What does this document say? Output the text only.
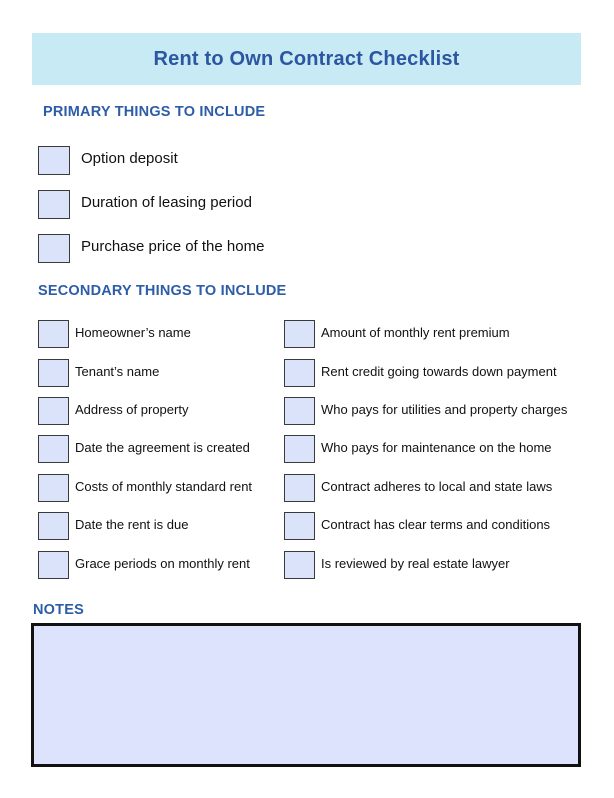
Rent to Own Contract Checklist
PRIMARY THINGS TO INCLUDE
Option deposit
Duration of leasing period
Purchase price of the home
SECONDARY THINGS TO INCLUDE
Homeowner’s name
Tenant’s name
Address of property
Date the agreement is created
Costs of monthly standard rent
Date the rent is due
Grace periods on monthly rent
Amount of monthly rent premium
Rent credit going towards down payment
Who pays for utilities and property charges
Who pays for maintenance on the home
Contract adheres to local and state laws
Contract has clear terms and conditions
Is reviewed by real estate lawyer
NOTES
